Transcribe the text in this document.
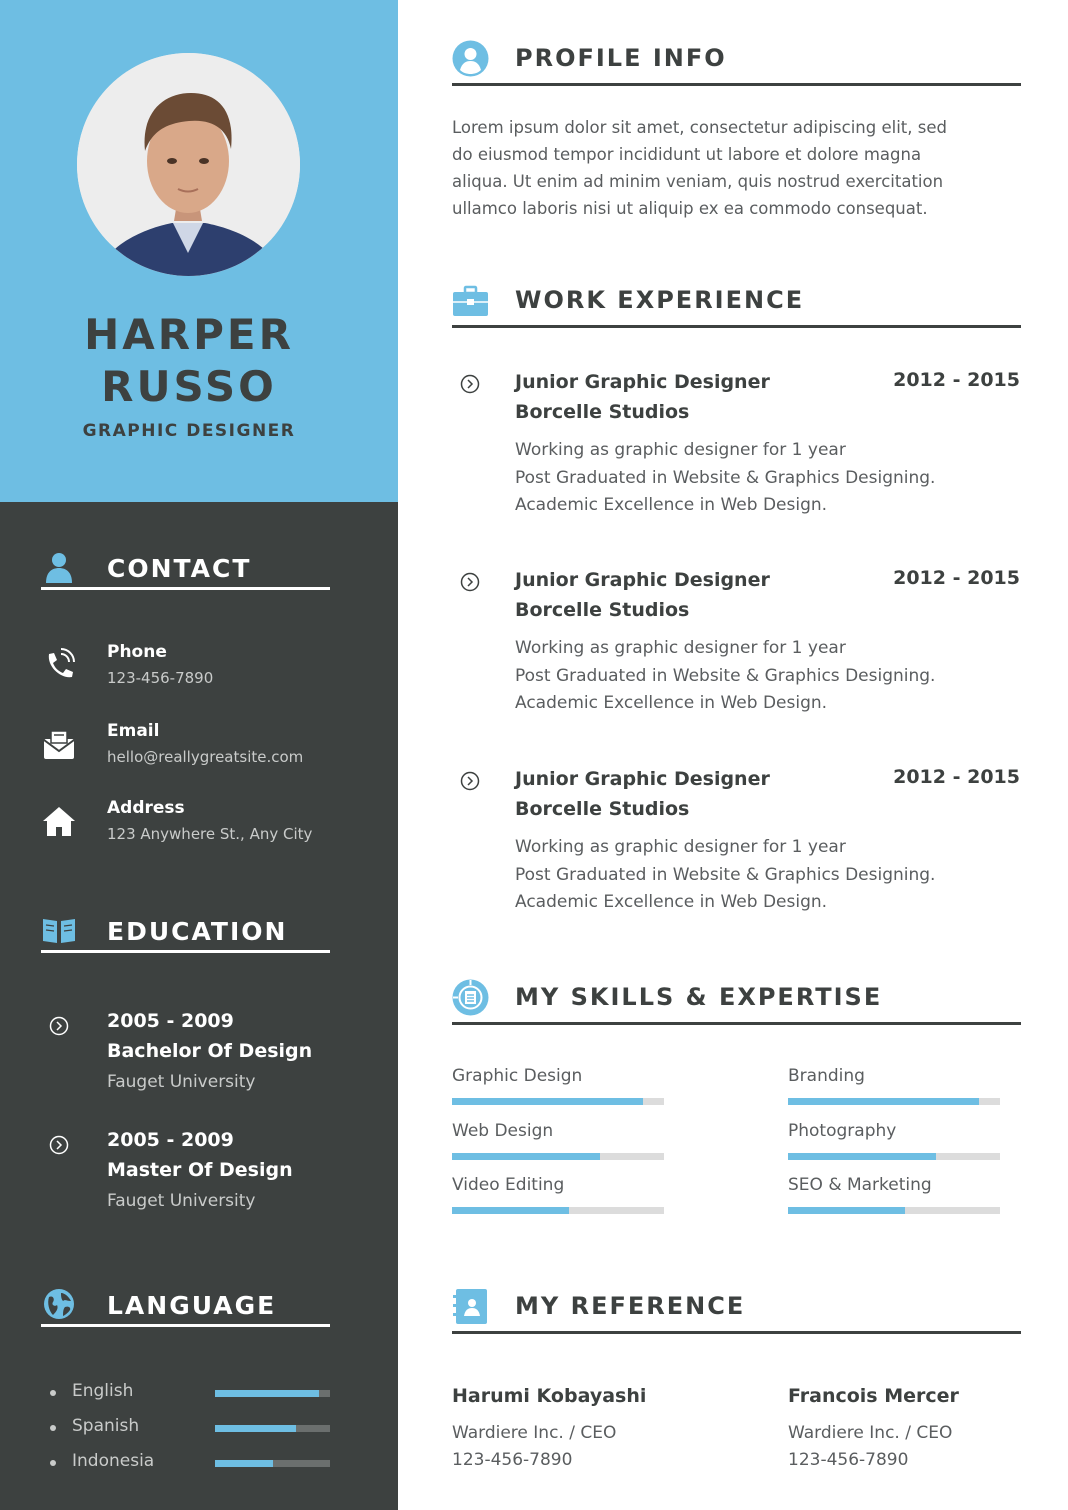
HARPER
RUSSO
GRAPHIC DESIGNER
CONTACT
Phone
123-456-7890
Email
hello@reallygreatsite.com
Address
123 Anywhere St., Any City
EDUCATION
2005 - 2009
Bachelor Of Design
Fauget University
2005 - 2009
Master Of Design
Fauget University
LANGUAGE
English
Spanish
Indonesia
PROFILE INFO
Lorem ipsum dolor sit amet, consectetur adipiscing elit, sed
do eiusmod tempor incididunt ut labore et dolore magna
aliqua. Ut enim ad minim veniam, quis nostrud exercitation
ullamco laboris nisi ut aliquip ex ea commodo consequat.
WORK EXPERIENCE
Junior Graphic Designer	2012 - 2015
Borcelle Studios
Working as graphic designer for 1 year
Post Graduated in Website & Graphics Designing.
Academic Excellence in Web Design.
Junior Graphic Designer	2012 - 2015
Borcelle Studios
Working as graphic designer for 1 year
Post Graduated in Website & Graphics Designing.
Academic Excellence in Web Design.
Junior Graphic Designer	2012 - 2015
Borcelle Studios
Working as graphic designer for 1 year
Post Graduated in Website & Graphics Designing.
Academic Excellence in Web Design.
MY SKILLS & EXPERTISE
Graphic Design	Branding
Web Design	Photography
Video Editing	SEO & Marketing
MY REFERENCE
Harumi Kobayashi
Wardiere Inc. / CEO
123-456-7890
Francois Mercer
Wardiere Inc. / CEO
123-456-7890
